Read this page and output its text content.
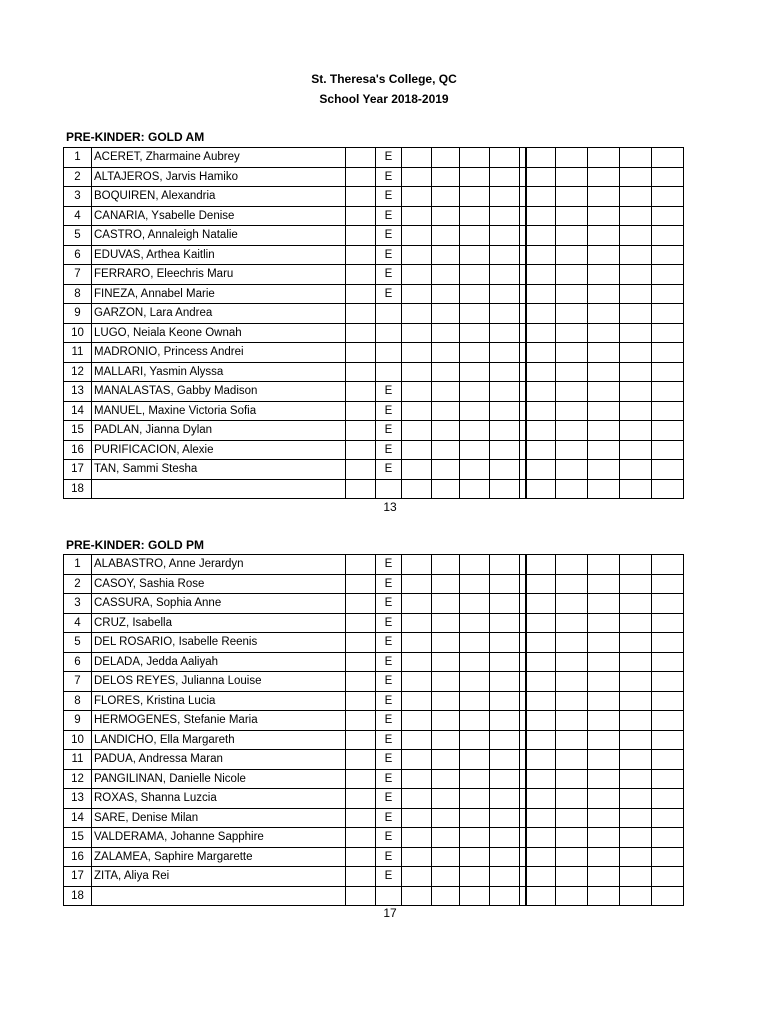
St. Theresa's College, QC
School Year 2018-2019
PRE-KINDER: GOLD AM
1	ACERET, Zharmaine Aubrey		E										
2	ALTAJEROS, Jarvis Hamiko		E										
3	BOQUIREN, Alexandria		E										
4	CANARIA, Ysabelle Denise		E										
5	CASTRO, Annaleigh Natalie		E										
6	EDUVAS, Arthea Kaitlin		E										
7	FERRARO, Eleechris Maru		E										
8	FINEZA, Annabel Marie		E										
9	GARZON, Lara Andrea												
10	LUGO, Neiala Keone Ownah												
11	MADRONIO, Princess Andrei												
12	MALLARI, Yasmin Alyssa												
13	MANALASTAS, Gabby Madison		E										
14	MANUEL, Maxine Victoria Sofia		E										
15	PADLAN, Jianna Dylan		E										
16	PURIFICACION, Alexie		E										
17	TAN, Sammi Stesha		E										
18													
13
PRE-KINDER: GOLD PM
1	ALABASTRO, Anne Jerardyn		E										
2	CASOY, Sashia Rose		E										
3	CASSURA, Sophia Anne		E										
4	CRUZ, Isabella		E										
5	DEL ROSARIO, Isabelle Reenis		E										
6	DELADA, Jedda Aaliyah		E										
7	DELOS REYES, Julianna Louise		E										
8	FLORES, Kristina Lucia		E										
9	HERMOGENES, Stefanie Maria		E										
10	LANDICHO, Ella Margareth		E										
11	PADUA, Andressa Maran		E										
12	PANGILINAN, Danielle Nicole		E										
13	ROXAS, Shanna Luzcia		E										
14	SARE, Denise Milan		E										
15	VALDERAMA, Johanne Sapphire		E										
16	ZALAMEA, Saphire Margarette		E										
17	ZITA, Aliya Rei		E										
18													
17
